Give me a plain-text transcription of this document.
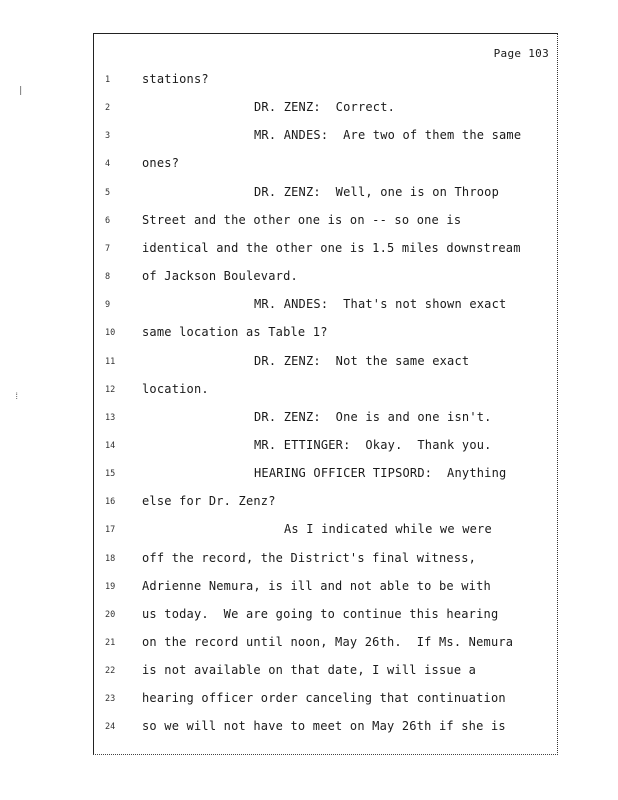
|
⁞
Page 103
1	stations?
2	DR. ZENZ:  Correct.
3	MR. ANDES:  Are two of them the same
4	ones?
5	DR. ZENZ:  Well, one is on Throop
6	Street and the other one is on -- so one is
7	identical and the other one is 1.5 miles downstream
8	of Jackson Boulevard.
9	MR. ANDES:  That's not shown exact
10	same location as Table 1?
11	DR. ZENZ:  Not the same exact
12	location.
13	DR. ZENZ:  One is and one isn't.
14	MR. ETTINGER:  Okay.  Thank you.
15	HEARING OFFICER TIPSORD:  Anything
16	else for Dr. Zenz?
17	As I indicated while we were
18	off the record, the District's final witness,
19	Adrienne Nemura, is ill and not able to be with
20	us today.  We are going to continue this hearing
21	on the record until noon, May 26th.  If Ms. Nemura
22	is not available on that date, I will issue a
23	hearing officer order canceling that continuation
24	so we will not have to meet on May 26th if she is
